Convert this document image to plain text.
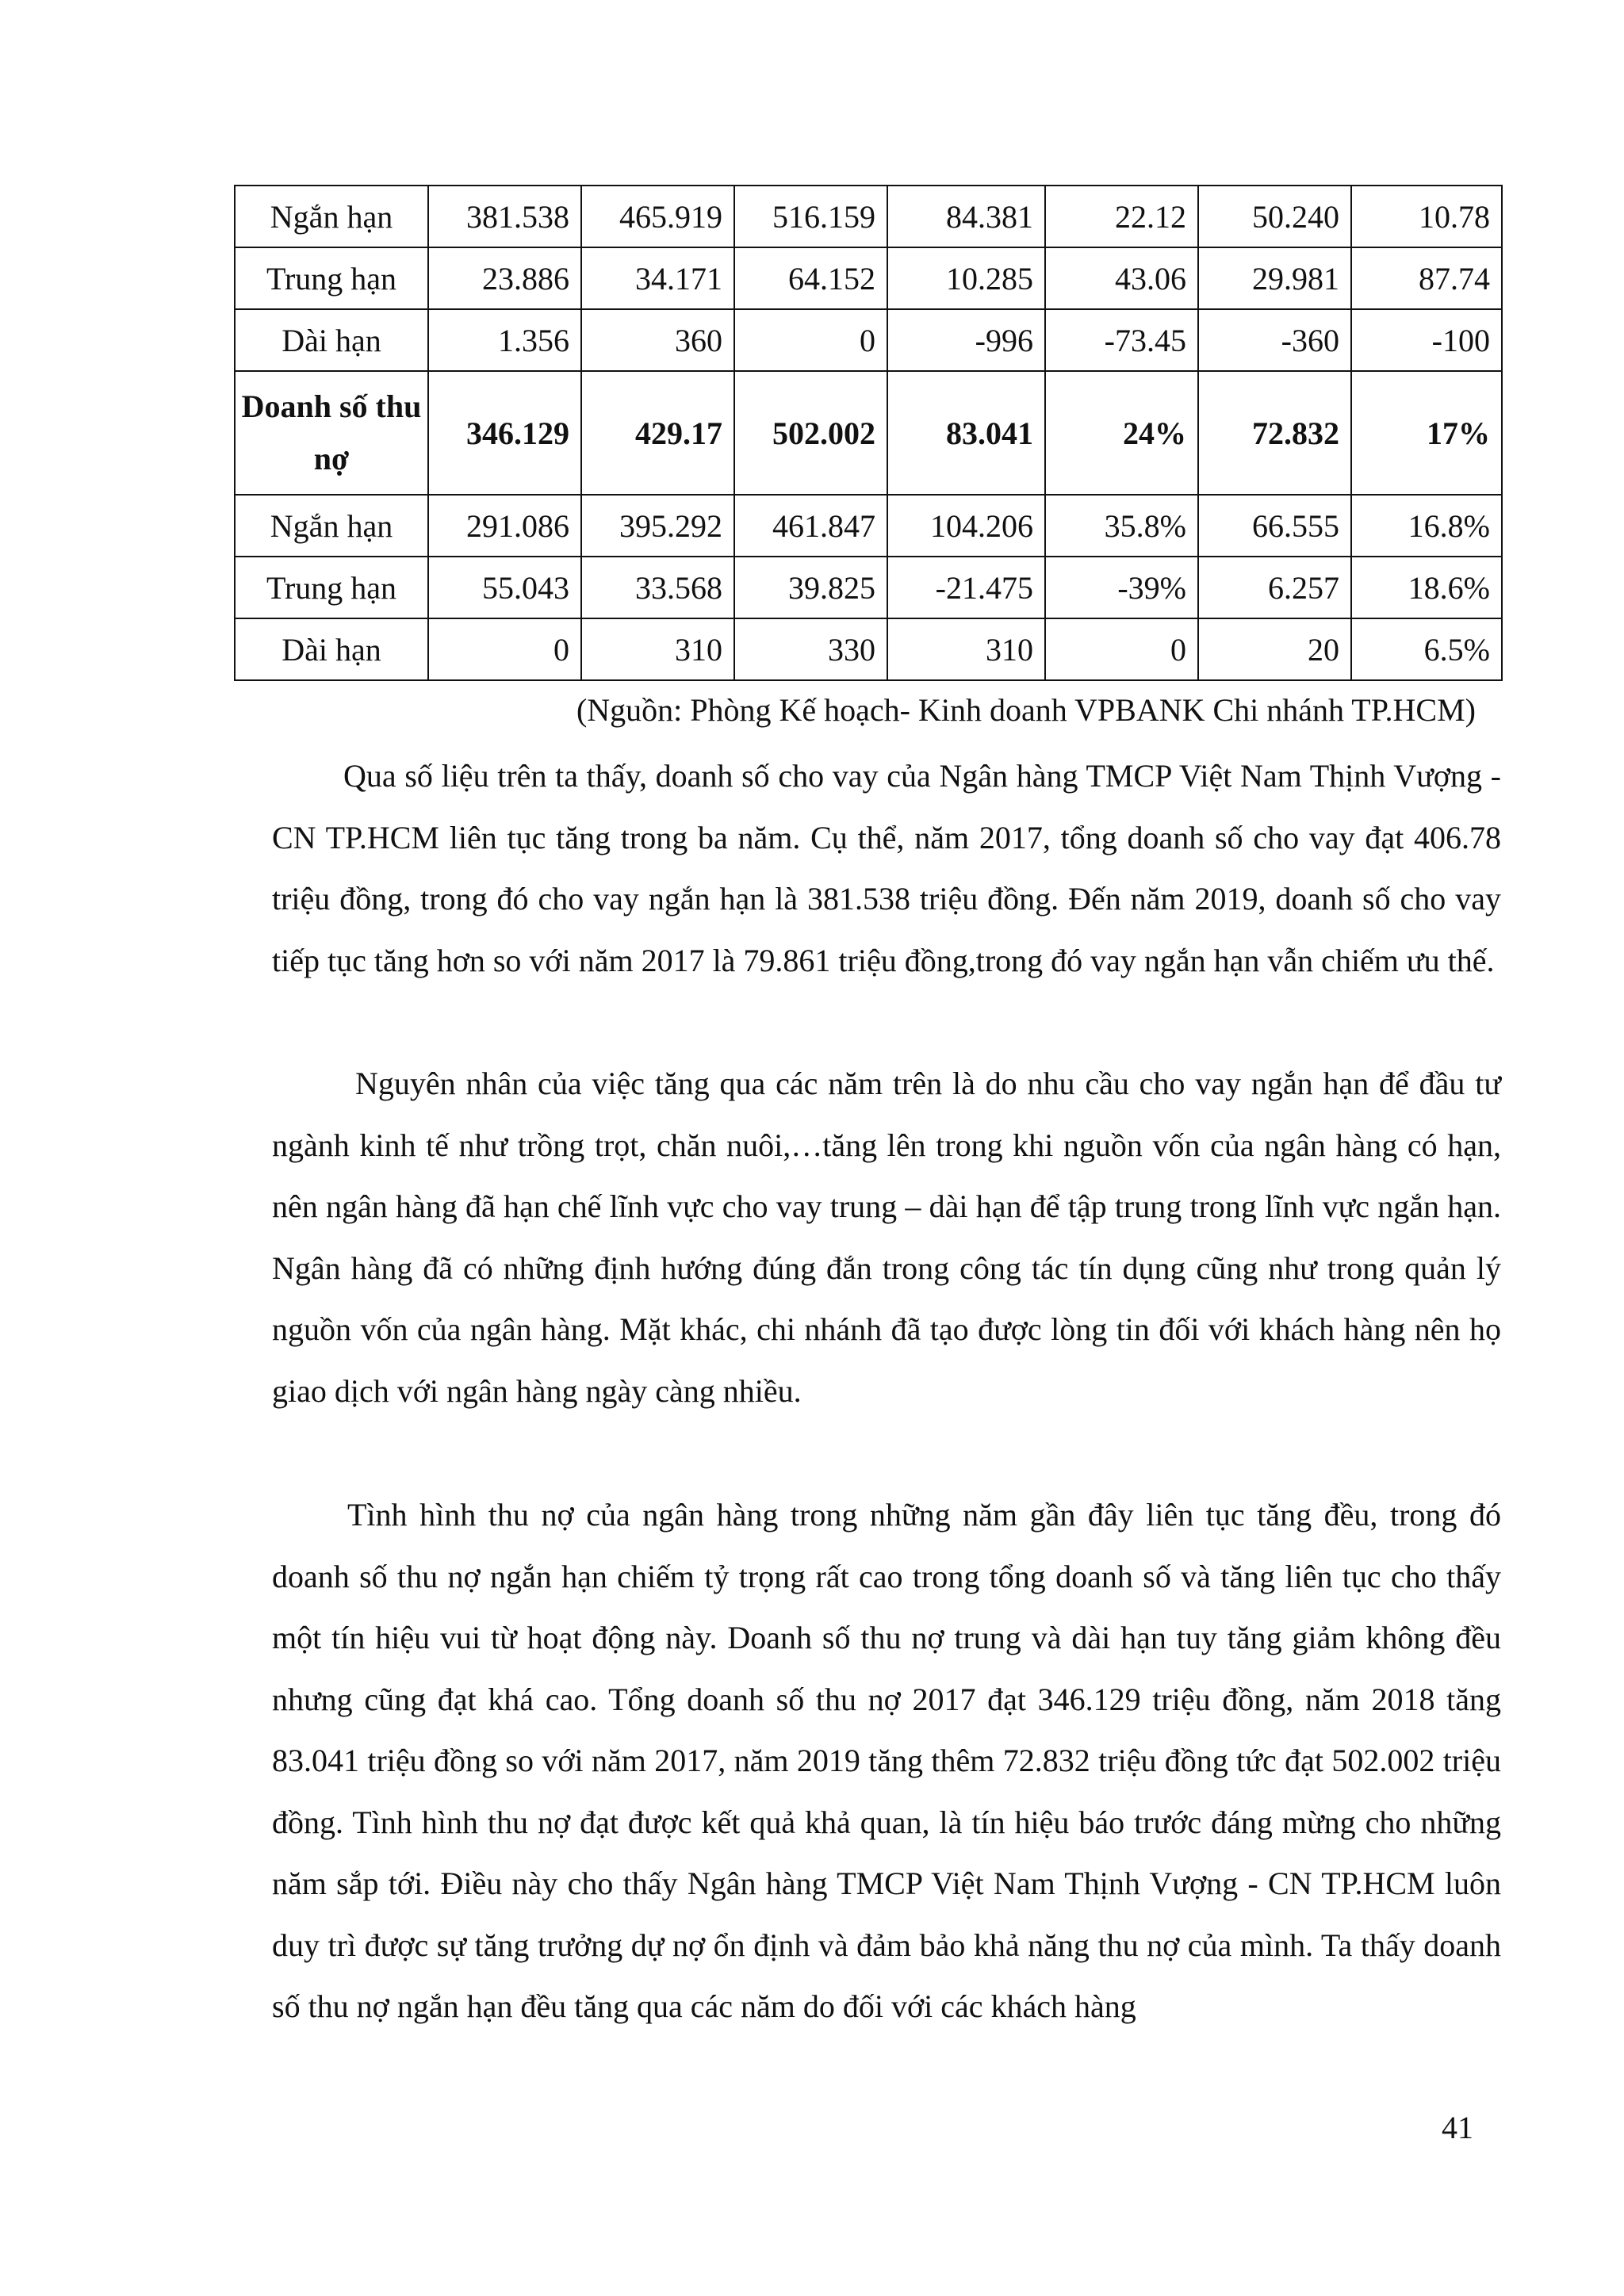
Ngắn hạn	381.538	465.919	516.159	84.381	22.12	50.240	10.78
Trung hạn	23.886	34.171	64.152	10.285	43.06	29.981	87.74
Dài hạn	1.356	360	0	-996	-73.45	-360	-100
Doanh số thu nợ	346.129	429.17	502.002	83.041	24%	72.832	17%
Ngắn hạn	291.086	395.292	461.847	104.206	35.8%	66.555	16.8%
Trung hạn	55.043	33.568	39.825	-21.475	-39%	6.257	18.6%
Dài hạn	0	310	330	310	0	20	6.5%
(Nguồn: Phòng Kế hoạch- Kinh doanh VPBANK Chi nhánh TP.HCM)

Qua số liệu trên ta thấy, doanh số cho vay của Ngân hàng TMCP Việt Nam Thịnh Vượng - CN TP.HCM liên tục tăng trong ba năm. Cụ thể, năm 2017, tổng doanh số cho vay đạt 406.78 triệu đồng, trong đó cho vay ngắn hạn là 381.538 triệu đồng. Đến năm 2019, doanh số cho vay tiếp tục tăng hơn so với năm 2017 là 79.861 triệu đồng,trong đó vay ngắn hạn vẫn chiếm ưu thế.

Nguyên nhân của việc tăng qua các năm trên là do nhu cầu cho vay ngắn hạn để đầu tư ngành kinh tế như trồng trọt, chăn nuôi,…tăng lên trong khi nguồn vốn của ngân hàng có hạn, nên ngân hàng đã hạn chế lĩnh vực cho vay trung – dài hạn để tập trung trong lĩnh vực ngắn hạn. Ngân hàng đã có những định hướng đúng đắn trong công tác tín dụng cũng như trong quản lý nguồn vốn của ngân hàng. Mặt khác, chi nhánh đã tạo được lòng tin đối với khách hàng nên họ giao dịch với ngân hàng ngày càng nhiều.

Tình hình thu nợ của ngân hàng trong những năm gần đây liên tục tăng đều, trong đó doanh số thu nợ ngắn hạn chiếm tỷ trọng rất cao trong tổng doanh số và tăng liên tục cho thấy một tín hiệu vui từ hoạt động này. Doanh số thu nợ trung và dài hạn tuy tăng giảm không đều nhưng cũng đạt khá cao. Tổng doanh số thu nợ 2017 đạt 346.129 triệu đồng, năm 2018 tăng 83.041 triệu đồng so với năm 2017, năm 2019 tăng thêm 72.832 triệu đồng tức đạt 502.002 triệu đồng. Tình hình thu nợ đạt được kết quả khả quan, là tín hiệu báo trước đáng mừng cho những năm sắp tới. Điều này cho thấy Ngân hàng TMCP Việt Nam Thịnh Vượng - CN TP.HCM luôn duy trì được sự tăng trưởng dự nợ ổn định và đảm bảo khả năng thu nợ của mình. Ta thấy doanh số thu nợ ngắn hạn đều tăng qua các năm do đối với các khách hàng

41
